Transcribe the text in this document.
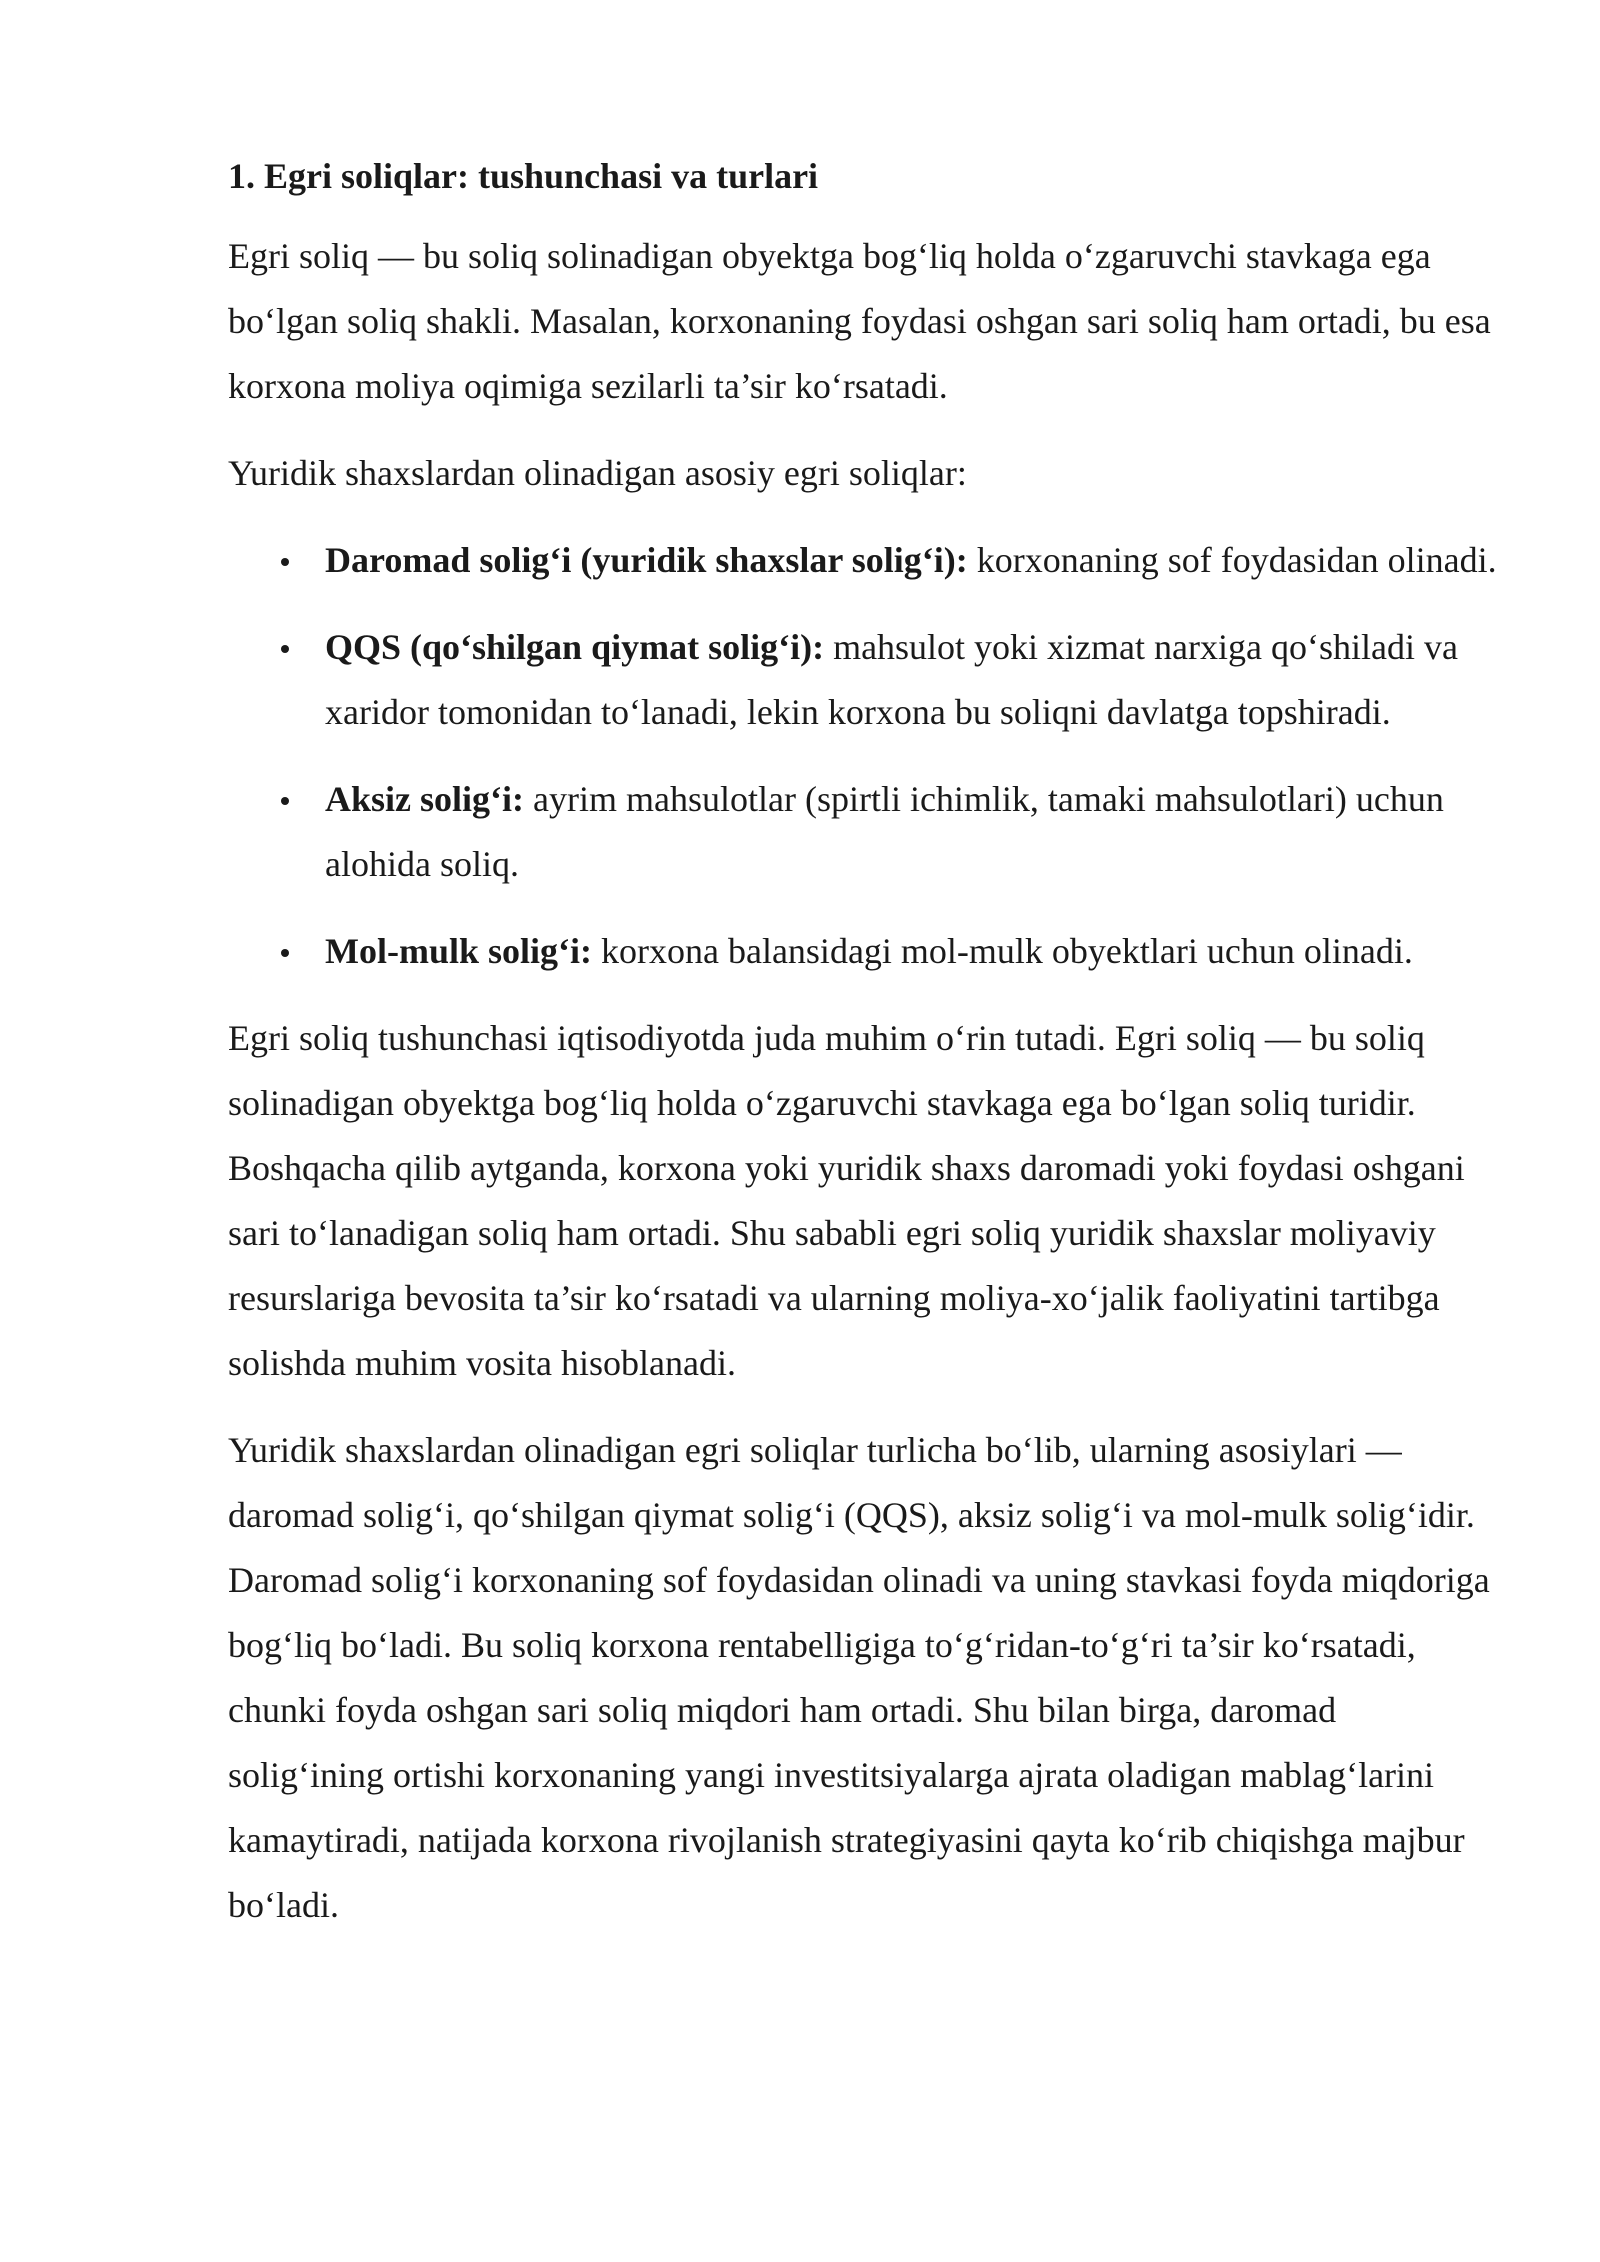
1. Egri soliqlar: tushunchasi va turlari

Egri soliq — bu soliq solinadigan obyektga bog‘liq holda o‘zgaruvchi stavkaga ega bo‘lgan soliq shakli. Masalan, korxonaning foydasi oshgan sari soliq ham ortadi, bu esa korxona moliya oqimiga sezilarli ta’sir ko‘rsatadi.

Yuridik shaxslardan olinadigan asosiy egri soliqlar:

Daromad solig‘i (yuridik shaxslar solig‘i): korxonaning sof foydasidan olinadi.
QQS (qo‘shilgan qiymat solig‘i): mahsulot yoki xizmat narxiga qo‘shiladi va xaridor tomonidan to‘lanadi, lekin korxona bu soliqni davlatga topshiradi.
Aksiz solig‘i: ayrim mahsulotlar (spirtli ichimlik, tamaki mahsulotlari) uchun alohida soliq.
Mol-mulk solig‘i: korxona balansidagi mol-mulk obyektlari uchun olinadi.

Egri soliq tushunchasi iqtisodiyotda juda muhim o‘rin tutadi. Egri soliq — bu soliq solinadigan obyektga bog‘liq holda o‘zgaruvchi stavkaga ega bo‘lgan soliq turidir. Boshqacha qilib aytganda, korxona yoki yuridik shaxs daromadi yoki foydasi oshgani sari to‘lanadigan soliq ham ortadi. Shu sababli egri soliq yuridik shaxslar moliyaviy resurslariga bevosita ta’sir ko‘rsatadi va ularning moliya-xo‘jalik faoliyatini tartibga solishda muhim vosita hisoblanadi.

Yuridik shaxslardan olinadigan egri soliqlar turlicha bo‘lib, ularning asosiylari — daromad solig‘i, qo‘shilgan qiymat solig‘i (QQS), aksiz solig‘i va mol-mulk solig‘idir. Daromad solig‘i korxonaning sof foydasidan olinadi va uning stavkasi foyda miqdoriga bog‘liq bo‘ladi. Bu soliq korxona rentabelligiga to‘g‘ridan-to‘g‘ri ta’sir ko‘rsatadi, chunki foyda oshgan sari soliq miqdori ham ortadi. Shu bilan birga, daromad solig‘ining ortishi korxonaning yangi investitsiyalarga ajrata oladigan mablag‘larini kamaytiradi, natijada korxona rivojlanish strategiyasini qayta ko‘rib chiqishga majbur bo‘ladi.
